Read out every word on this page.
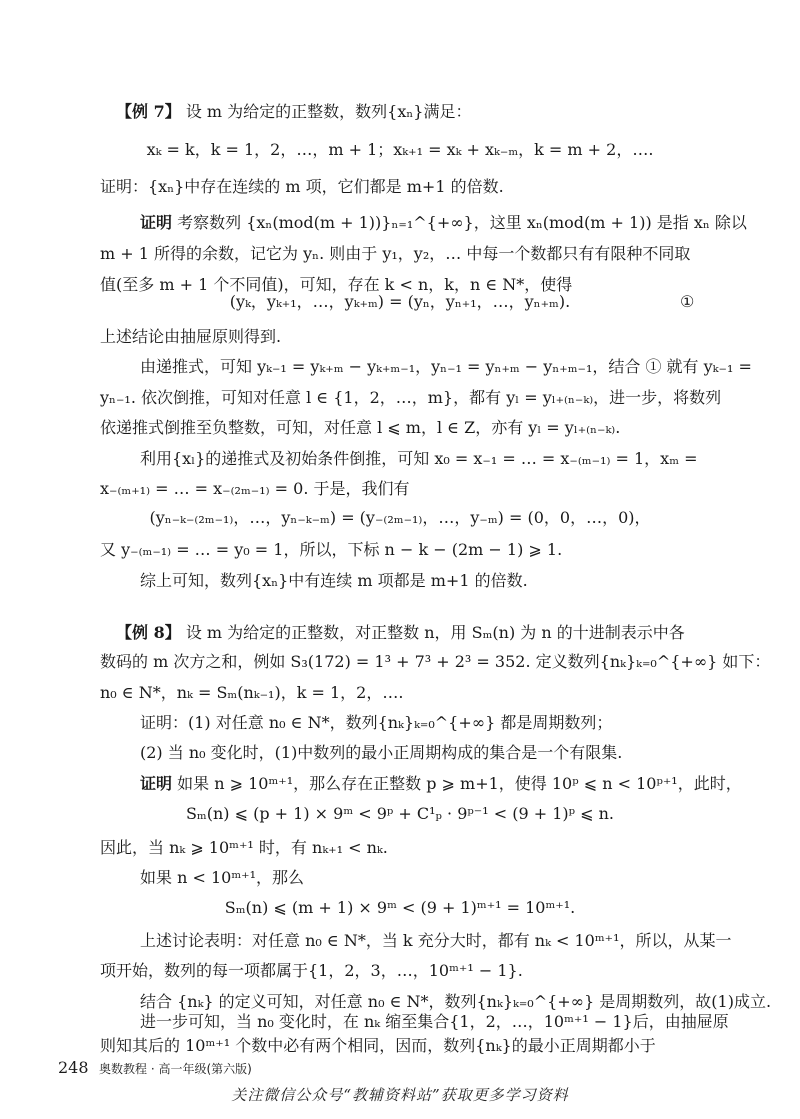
【例 7】 设 m 为给定的正整数，数列{xₙ}满足：
xₖ = k，k = 1，2，…，m + 1；xₖ₊₁ = xₖ + xₖ₋ₘ，k = m + 2，….
证明：{xₙ}中存在连续的 m 项，它们都是 m+1 的倍数.
证明 考察数列 {xₙ(mod(m + 1))}ₙ₌₁^{+∞}，这里 xₙ(mod(m + 1)) 是指 xₙ 除以
m + 1 所得的余数，记它为 yₙ. 则由于 y₁，y₂，… 中每一个数都只有有限种不同取
值(至多 m + 1 个不同值)，可知，存在 k < n，k，n ∈ N*，使得
(yₖ，yₖ₊₁，…，yₖ₊ₘ) = (yₙ，yₙ₊₁，…，yₙ₊ₘ).	①
上述结论由抽屉原则得到.
由递推式，可知 yₖ₋₁ = yₖ₊ₘ − yₖ₊ₘ₋₁，yₙ₋₁ = yₙ₊ₘ − yₙ₊ₘ₋₁，结合 ① 就有 yₖ₋₁ =
yₙ₋₁. 依次倒推，可知对任意 l ∈ {1，2，…，m}，都有 yₗ = yₗ₊₍ₙ₋ₖ₎，进一步，将数列
依递推式倒推至负整数，可知，对任意 l ⩽ m，l ∈ Z，亦有 yₗ = yₗ₊₍ₙ₋ₖ₎.
利用{xₗ}的递推式及初始条件倒推，可知 x₀ = x₋₁ = … = x₋₍ₘ₋₁₎ = 1，xₘ =
x₋₍ₘ₊₁₎ = … = x₋₍₂ₘ₋₁₎ = 0. 于是，我们有
(yₙ₋ₖ₋₍₂ₘ₋₁₎，…，yₙ₋ₖ₋ₘ) = (y₋₍₂ₘ₋₁₎，…，y₋ₘ) = (0，0，…，0)，
又 y₋₍ₘ₋₁₎ = … = y₀ = 1，所以，下标 n − k − (2m − 1) ⩾ 1.
综上可知，数列{xₙ}中有连续 m 项都是 m+1 的倍数.
【例 8】 设 m 为给定的正整数，对正整数 n，用 Sₘ(n) 为 n 的十进制表示中各
数码的 m 次方之和，例如 S₃(172) = 1³ + 7³ + 2³ = 352. 定义数列{nₖ}ₖ₌₀^{+∞} 如下：
n₀ ∈ N*，nₖ = Sₘ(nₖ₋₁)，k = 1，2，….
证明：(1) 对任意 n₀ ∈ N*，数列{nₖ}ₖ₌₀^{+∞} 都是周期数列；
(2) 当 n₀ 变化时，(1)中数列的最小正周期构成的集合是一个有限集.
证明 如果 n ⩾ 10ᵐ⁺¹，那么存在正整数 p ⩾ m+1，使得 10ᵖ ⩽ n < 10ᵖ⁺¹，此时，
Sₘ(n) ⩽ (p + 1) × 9ᵐ < 9ᵖ + C¹ₚ · 9ᵖ⁻¹ < (9 + 1)ᵖ ⩽ n.
因此，当 nₖ ⩾ 10ᵐ⁺¹ 时，有 nₖ₊₁ < nₖ.
如果 n < 10ᵐ⁺¹，那么
Sₘ(n) ⩽ (m + 1) × 9ᵐ < (9 + 1)ᵐ⁺¹ = 10ᵐ⁺¹.
上述讨论表明：对任意 n₀ ∈ N*，当 k 充分大时，都有 nₖ < 10ᵐ⁺¹，所以，从某一
项开始，数列的每一项都属于{1，2，3，…，10ᵐ⁺¹ − 1}.
结合 {nₖ} 的定义可知，对任意 n₀ ∈ N*，数列{nₖ}ₖ₌₀^{+∞} 是周期数列，故(1)成立.
进一步可知，当 n₀ 变化时，在 nₖ 缩至集合{1，2，…，10ᵐ⁺¹ − 1}后，由抽屉原
248 奥数教程 · 高一年级(第六版)
关注微信公众号“教辅资料站”获取更多学习资料
则知其后的 10ᵐ⁺¹ 个数中必有两个相同，因而，数列{nₖ}的最小正周期都小于
